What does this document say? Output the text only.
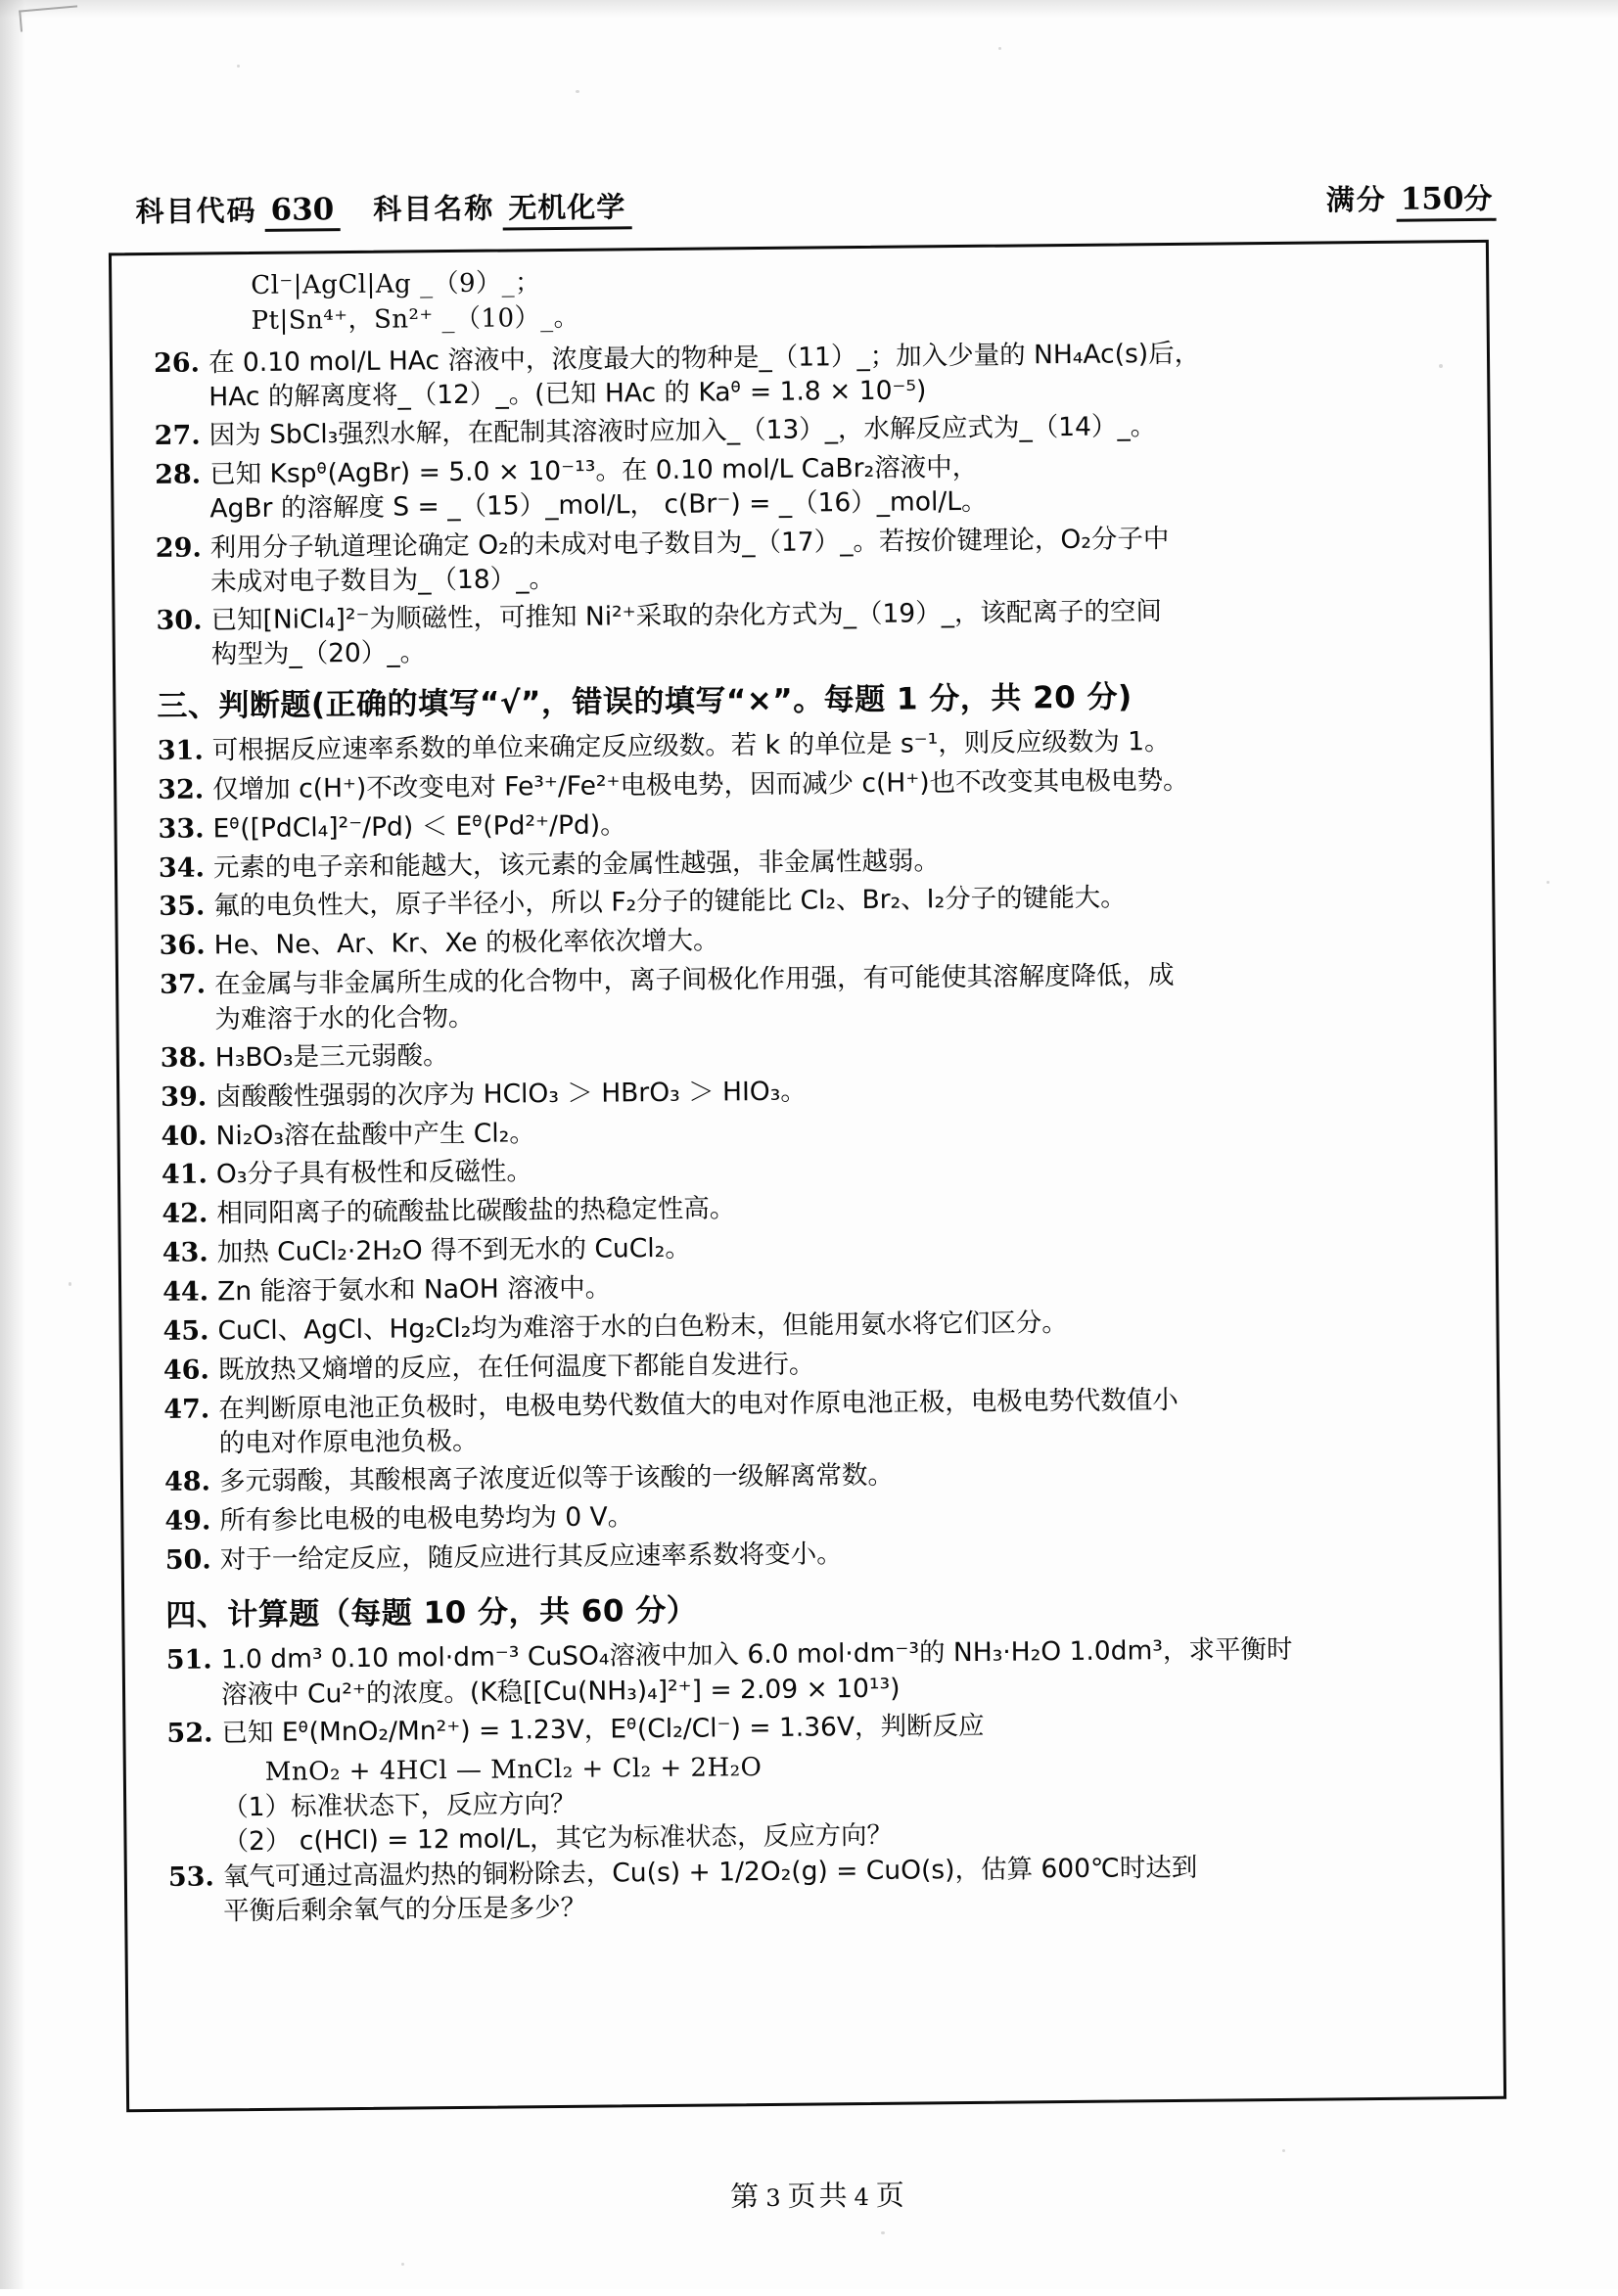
科目代码 630 科目名称 无机化学	满分 150分
Cl⁻|AgCl|Ag _（9）_；
Pt|Sn⁴⁺，Sn²⁺ _（10）_。
26. 在 0.10 mol/L HAc 溶液中，浓度最大的物种是_（11）_；加入少量的 NH₄Ac(s)后，
HAc 的解离度将_（12）_。(已知 HAc 的 Kaᶿ = 1.8 × 10⁻⁵)
27. 因为 SbCl₃强烈水解，在配制其溶液时应加入_（13）_，水解反应式为_（14）_。
28. 已知 Kspᶿ(AgBr) = 5.0 × 10⁻¹³。在 0.10 mol/L CaBr₂溶液中，
AgBr 的溶解度 S = _（15）_mol/L， c(Br⁻) = _（16）_mol/L。
29. 利用分子轨道理论确定 O₂的未成对电子数目为_（17）_。若按价键理论，O₂分子中
未成对电子数目为_（18）_。
30. 已知[NiCl₄]²⁻为顺磁性，可推知 Ni²⁺采取的杂化方式为_（19）_，该配离子的空间
构型为_（20）_。
三、判断题(正确的填写“√”，错误的填写“×”。每题 1 分，共 20 分)
31. 可根据反应速率系数的单位来确定反应级数。若 k 的单位是 s⁻¹，则反应级数为 1。
32. 仅增加 c(H⁺)不改变电对 Fe³⁺/Fe²⁺电极电势，因而减少 c(H⁺)也不改变其电极电势。
33. Eᶿ([PdCl₄]²⁻/Pd) ＜ Eᶿ(Pd²⁺/Pd)。
34. 元素的电子亲和能越大，该元素的金属性越强，非金属性越弱。
35. 氟的电负性大，原子半径小，所以 F₂分子的键能比 Cl₂、Br₂、I₂分子的键能大。
36. He、Ne、Ar、Kr、Xe 的极化率依次增大。
37. 在金属与非金属所生成的化合物中，离子间极化作用强，有可能使其溶解度降低，成
为难溶于水的化合物。
38. H₃BO₃是三元弱酸。
39. 卤酸酸性强弱的次序为 HClO₃ ＞ HBrO₃ ＞ HIO₃。
40. Ni₂O₃溶在盐酸中产生 Cl₂。
41. O₃分子具有极性和反磁性。
42. 相同阳离子的硫酸盐比碳酸盐的热稳定性高。
43. 加热 CuCl₂·2H₂O 得不到无水的 CuCl₂。
44. Zn 能溶于氨水和 NaOH 溶液中。
45. CuCl、AgCl、Hg₂Cl₂均为难溶于水的白色粉末，但能用氨水将它们区分。
46. 既放热又熵增的反应，在任何温度下都能自发进行。
47. 在判断原电池正负极时，电极电势代数值大的电对作原电池正极，电极电势代数值小
的电对作原电池负极。
48. 多元弱酸，其酸根离子浓度近似等于该酸的一级解离常数。
49. 所有参比电极的电极电势均为 0 V。
50. 对于一给定反应，随反应进行其反应速率系数将变小。
四、计算题（每题 10 分，共 60 分）
51. 1.0 dm³ 0.10 mol·dm⁻³ CuSO₄溶液中加入 6.0 mol·dm⁻³的 NH₃·H₂O 1.0dm³，求平衡时
溶液中 Cu²⁺的浓度。(K稳[[Cu(NH₃)₄]²⁺] = 2.09 × 10¹³)
52. 已知 Eᶿ(MnO₂/Mn²⁺) = 1.23V，Eᶿ(Cl₂/Cl⁻) = 1.36V，判断反应
MnO₂ + 4HCl — MnCl₂ + Cl₂ + 2H₂O
（1）标准状态下，反应方向？
（2） c(HCl) = 12 mol/L，其它为标准状态，反应方向？
53. 氧气可通过高温灼热的铜粉除去，Cu(s) + 1/2O₂(g) = CuO(s)，估算 600℃时达到
平衡后剩余氧气的分压是多少？
第 3 页共 4 页
